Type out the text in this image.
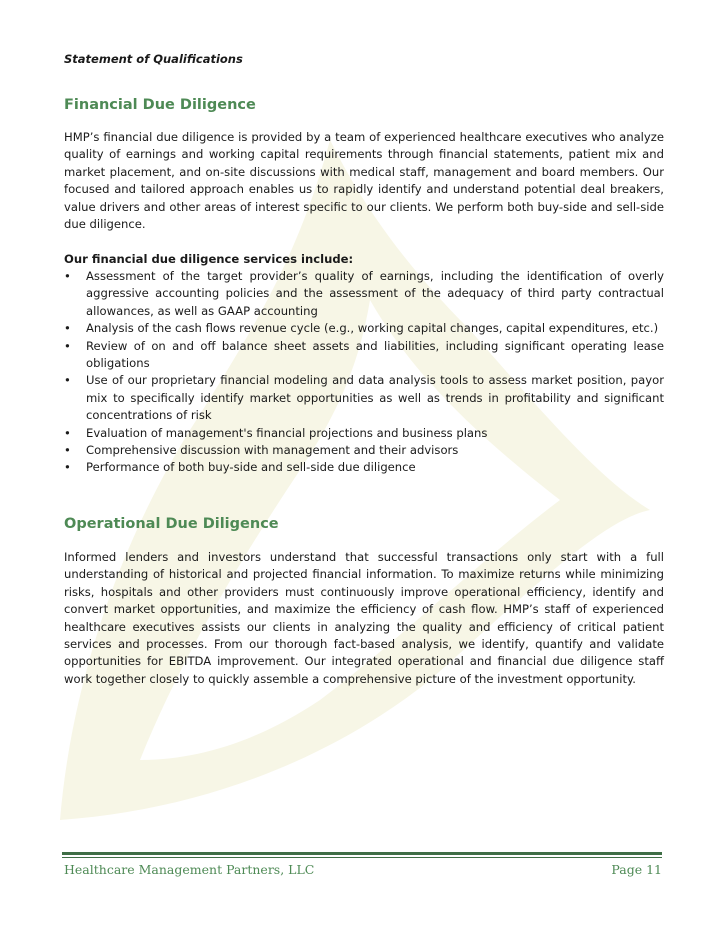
Statement of Qualifications
Financial Due Diligence

HMP’s financial due diligence is provided by a team of experienced healthcare executives who analyze quality of earnings and working capital requirements through financial statements, patient mix and market placement, and on-site discussions with medical staff, management and board members. Our focused and tailored approach enables us to rapidly identify and understand potential deal breakers, value drivers and other areas of interest specific to our clients. We perform both buy-side and sell-side due diligence.

Our financial due diligence services include:
•	Assessment of the target provider’s quality of earnings, including the identification of overly aggressive accounting policies and the assessment of the adequacy of third party contractual allowances, as well as GAAP accounting
•	Analysis of the cash flows revenue cycle (e.g., working capital changes, capital expenditures, etc.)
•	Review of on and off balance sheet assets and liabilities, including significant operating lease obligations
•	Use of our proprietary financial modeling and data analysis tools to assess market position, payor mix to specifically identify market opportunities as well as trends in profitability and significant concentrations of risk
•	Evaluation of management's financial projections and business plans
•	Comprehensive discussion with management and their advisors
•	Performance of both buy-side and sell-side due diligence
Operational Due Diligence

Informed lenders and investors understand that successful transactions only start with a full understanding of historical and projected financial information. To maximize returns while minimizing risks, hospitals and other providers must continuously improve operational efficiency, identify and convert market opportunities, and maximize the efficiency of cash flow. HMP’s staff of experienced healthcare executives assists our clients in analyzing the quality and efficiency of critical patient services and processes. From our thorough fact-based analysis, we identify, quantify and validate opportunities for EBITDA improvement. Our integrated operational and financial due diligence staff work together closely to quickly assemble a comprehensive picture of the investment opportunity.

Healthcare Management Partners, LLC	Page 11
